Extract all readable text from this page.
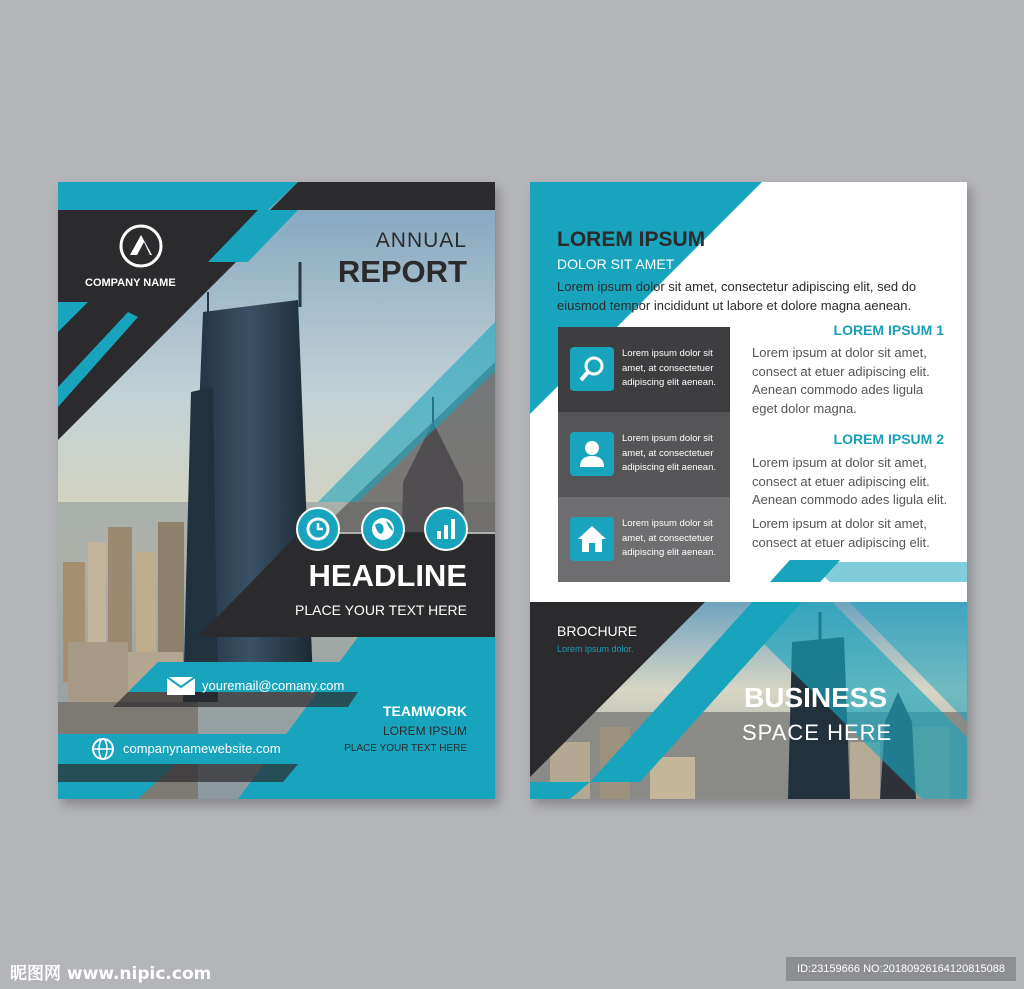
COMPANY NAME
ANNUAL
REPORT
HEADLINE
PLACE YOUR TEXT HERE
youremail@comany.com
companynamewebsite.com
TEAMWORK
LOREM IPSUM
PLACE YOUR TEXT HERE
LOREM IPSUM
DOLOR SIT AMET
Lorem ipsum dolor sit amet, consectetur adipiscing elit, sed do
eiusmod tempor incididunt ut labore et dolore magna aenean.
Lorem ipsum dolor sit
amet, at consectetuer
adipiscing elit aenean.
Lorem ipsum dolor sit
amet, at consectetuer
adipiscing elit aenean.
Lorem ipsum dolor sit
amet, at consectetuer
adipiscing elit aenean.
LOREM IPSUM 1
Lorem ipsum at dolor sit amet,
consect at etuer adipiscing elit.
Aenean commodo ades ligula
eget dolor magna.
LOREM IPSUM 2
Lorem ipsum at dolor sit amet,
consect at etuer adipiscing elit.
Aenean commodo ades ligula elit.
Lorem ipsum at dolor sit amet,
consect at etuer adipiscing elit.
BROCHURE
Lorem ipsum dolor.
BUSINESS
SPACE HERE
昵图网 www.nipic.com	ID:23159666 NO:20180926164120815088
